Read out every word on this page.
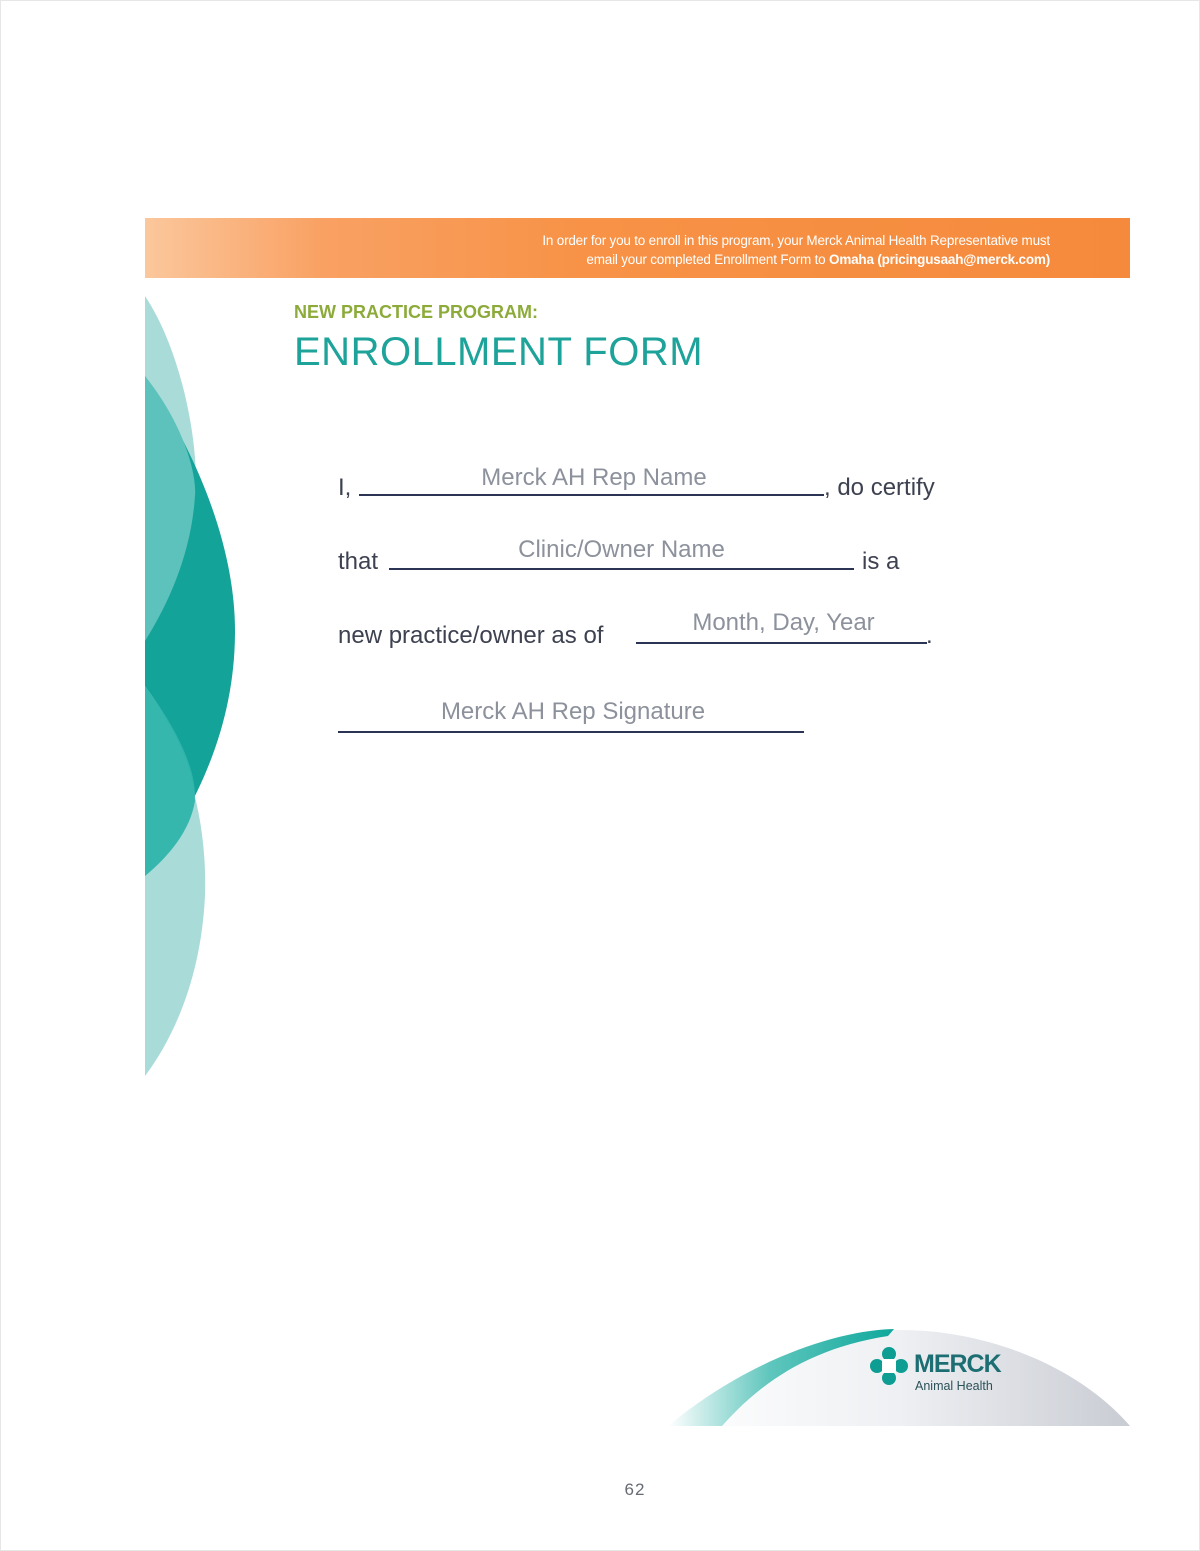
In order for you to enroll in this program, your Merck Animal Health Representative must
email your completed Enrollment Form to Omaha (pricingusaah@merck.com)
NEW PRACTICE PROGRAM:
ENROLLMENT FORM
I,	Merck AH Rep Name	, do certify
that	Clinic/Owner Name	is a
new practice/owner as of	Month, Day, Year	.
Merck AH Rep Signature
MERCK
Animal Health
62
